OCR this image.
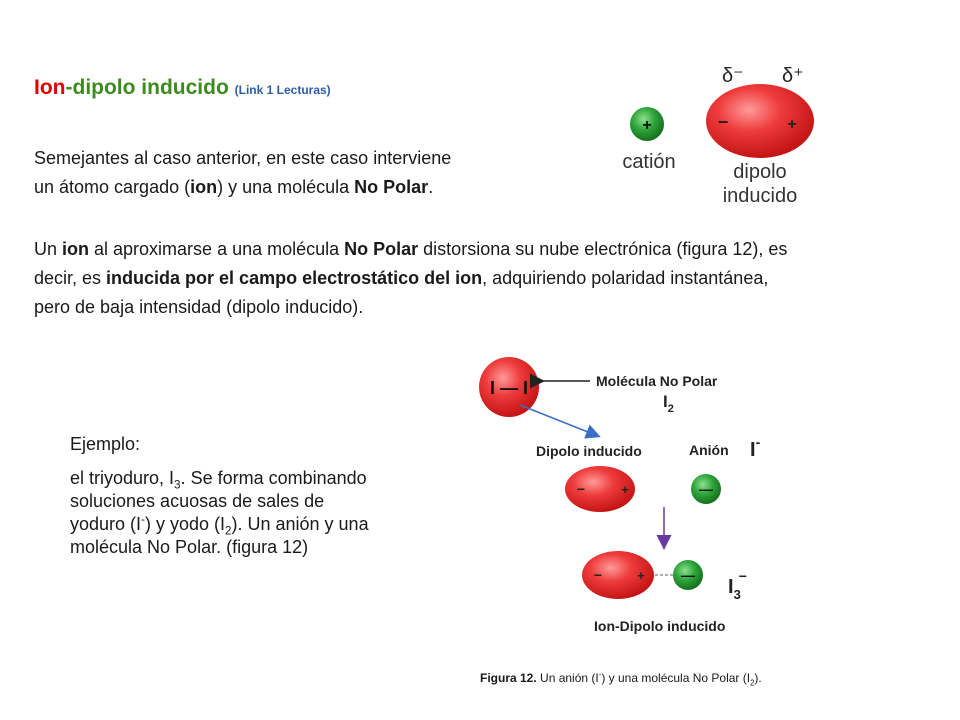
Ion-dipolo inducido (Link 1 Lecturas)
Semejantes al caso anterior, en este caso interviene
un átomo cargado (ion) y una molécula No Polar.
Un ion al aproximarse a una molécula No Polar distorsiona su nube electrónica (figura 12), es decir, es inducida por el campo electrostático del ion, adquiriendo polaridad instantánea, pero de baja intensidad (dipolo inducido).
Ejemplo:
el triyoduro, $I_3$. Se forma combinando soluciones acuosas de sales de yoduro (I-) y yodo $(I_2)$. Un anión y una molécula No Polar. (figura 12)
Figura 12. Un anión (I-) y una molécula No Polar $(I_2)$.
δ⁻ δ⁺
+	−	+
catión	dipolo
inducido
I — I	Molécula No Polar
$I_2$
Dipolo inducido	Anión I-
−	+	—
−	+	—
$I_3-$
Ion-Dipolo inducido
